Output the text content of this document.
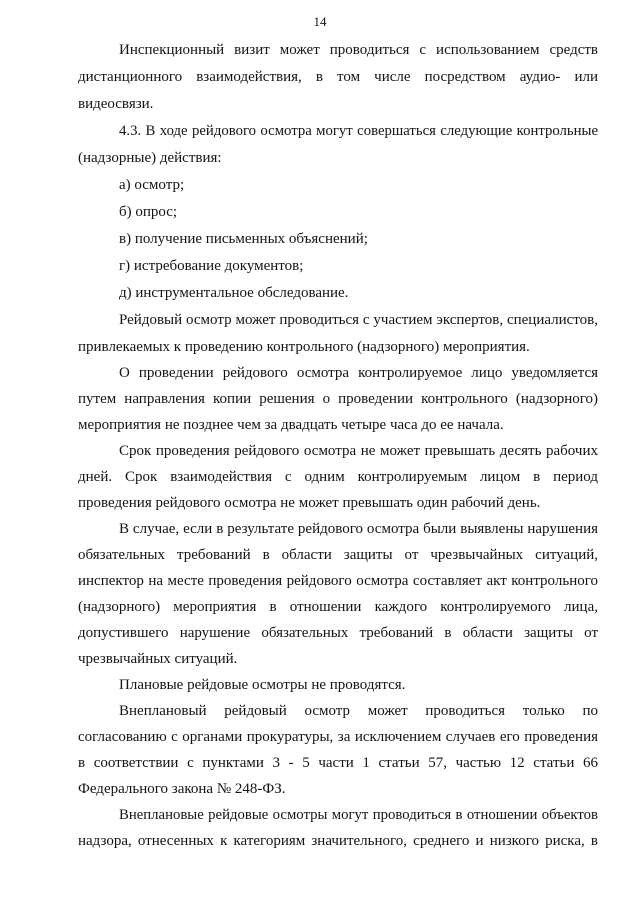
14
Инспекционный визит может проводиться с использованием средств
дистанционного взаимодействия, в том числе посредством аудио- или
видеосвязи.
4.3. В ходе рейдового осмотра могут совершаться следующие контрольные
(надзорные) действия:
а) осмотр;
б) опрос;
в) получение письменных объяснений;
г) истребование документов;
д) инструментальное обследование.
Рейдовый осмотр может проводиться с участием экспертов, специалистов,
привлекаемых к проведению контрольного (надзорного) мероприятия.
О проведении рейдового осмотра контролируемое лицо уведомляется
путем направления копии решения о проведении контрольного (надзорного)
мероприятия не позднее чем за двадцать четыре часа до ее начала.
Срок проведения рейдового осмотра не может превышать десять рабочих
дней. Срок взаимодействия с одним контролируемым лицом в период
проведения рейдового осмотра не может превышать один рабочий день.
В случае, если в результате рейдового осмотра были выявлены нарушения
обязательных требований в области защиты от чрезвычайных ситуаций,
инспектор на месте проведения рейдового осмотра составляет акт контрольного
(надзорного) мероприятия в отношении каждого контролируемого лица,
допустившего нарушение обязательных требований в области защиты от
чрезвычайных ситуаций.
Плановые рейдовые осмотры не проводятся.
Внеплановый рейдовый осмотр может проводиться только по
согласованию с органами прокуратуры, за исключением случаев его проведения
в соответствии с пунктами 3 - 5 части 1 статьи 57, частью 12 статьи 66
Федерального закона № 248-ФЗ.
Внеплановые рейдовые осмотры могут проводиться в отношении объектов
надзора, отнесенных к категориям значительного, среднего и низкого риска, в
